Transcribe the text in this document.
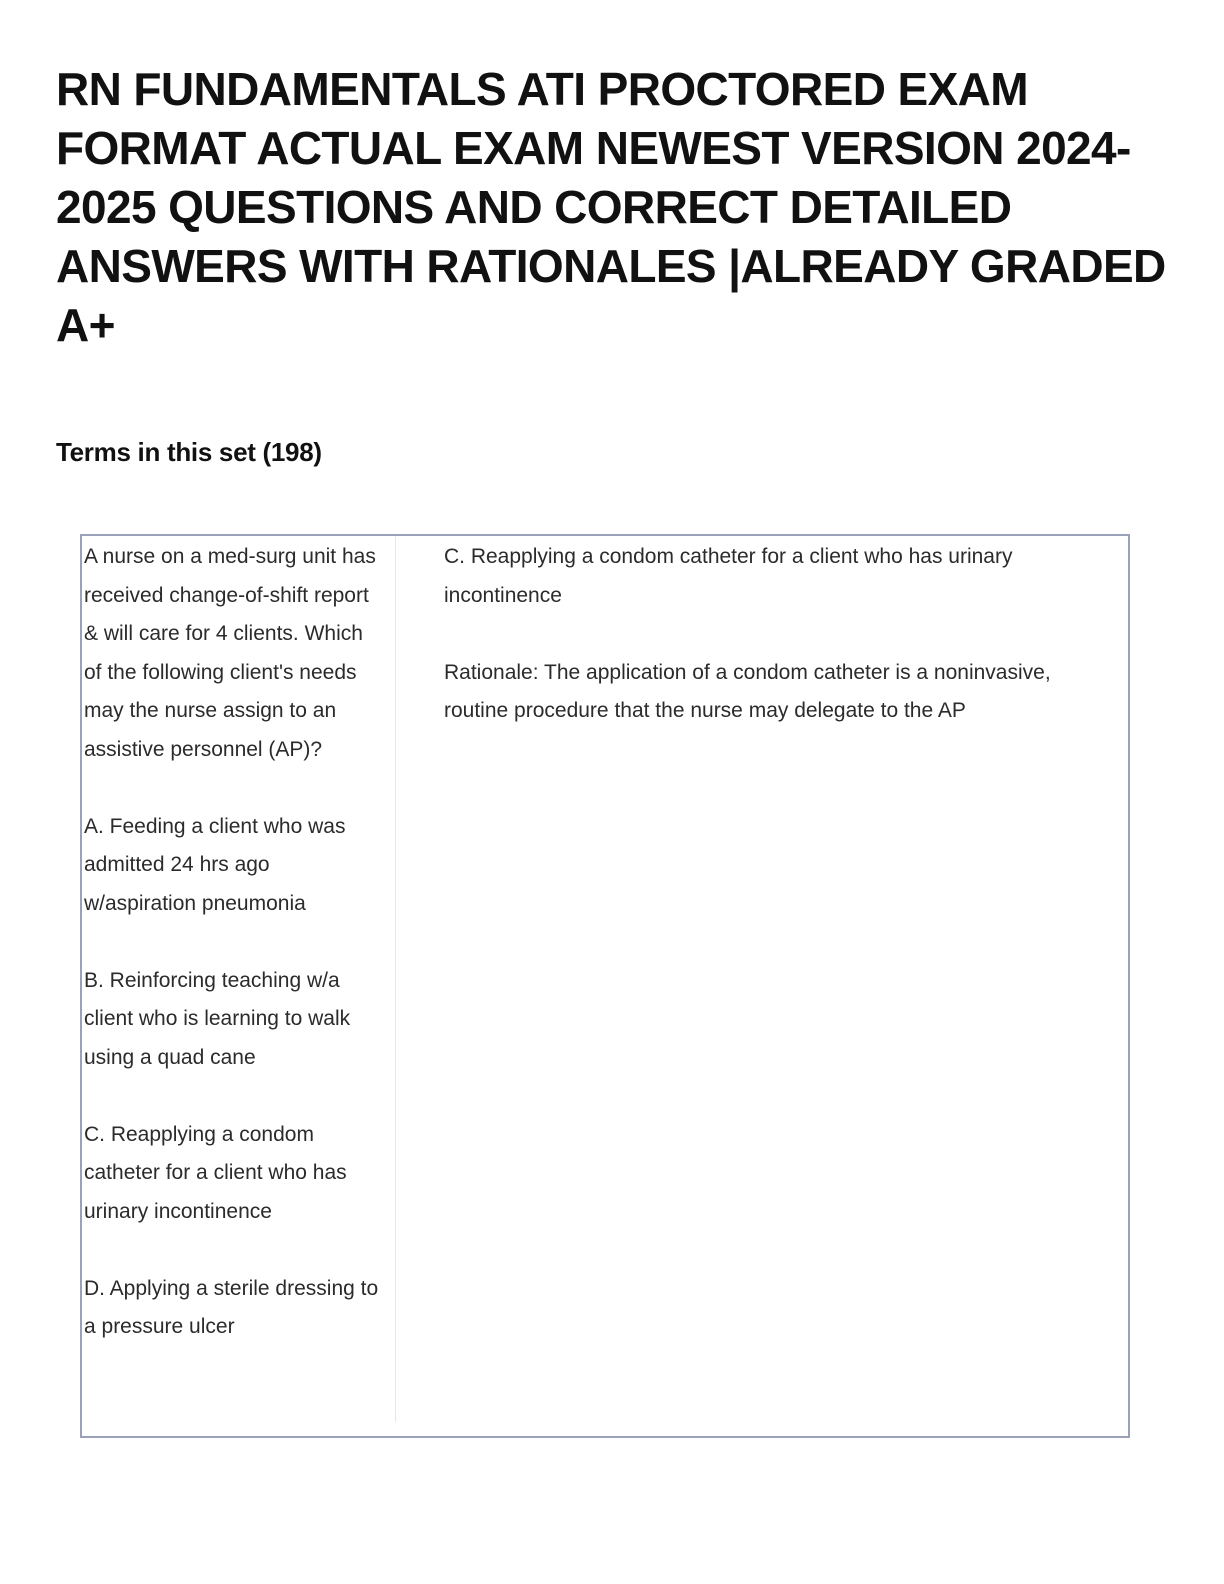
RN FUNDAMENTALS ATI PROCTORED EXAM FORMAT ACTUAL EXAM NEWEST VERSION 2024-2025 QUESTIONS AND CORRECT DETAILED ANSWERS WITH RATIONALES |ALREADY GRADED A+
Terms in this set (198)

A nurse on a med-surg unit has received change-of-shift report & will care for 4 clients. Which of the following client's needs may the nurse assign to an assistive personnel (AP)?

A. Feeding a client who was admitted 24 hrs ago w/aspiration pneumonia

B. Reinforcing teaching w/a client who is learning to walk using a quad cane

C. Reapplying a condom catheter for a client who has urinary incontinence

D. Applying a sterile dressing to a pressure ulcer

C. Reapplying a condom catheter for a client who has urinary incontinence

Rationale: The application of a condom catheter is a noninvasive, routine procedure that the nurse may delegate to the AP
